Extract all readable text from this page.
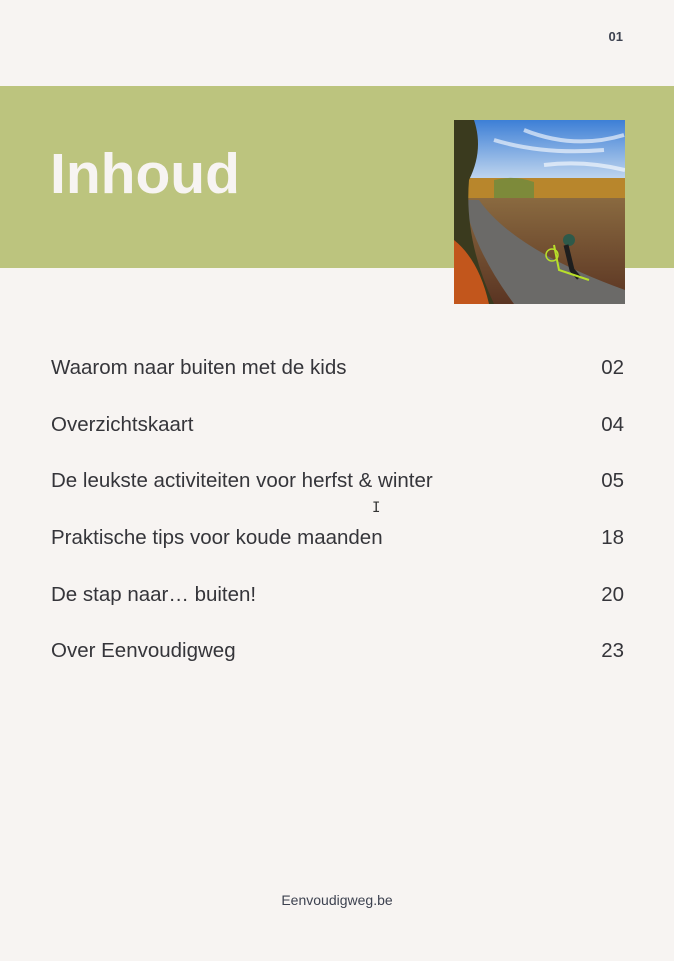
01
Inhoud
Waarom naar buiten met de kids	02
Overzichtskaart	04
De leukste activiteiten voor herfst & winter	05
Praktische tips voor koude maanden	18
De stap naar… buiten!	20
Over Eenvoudigweg	23
I
Eenvoudigweg.be
